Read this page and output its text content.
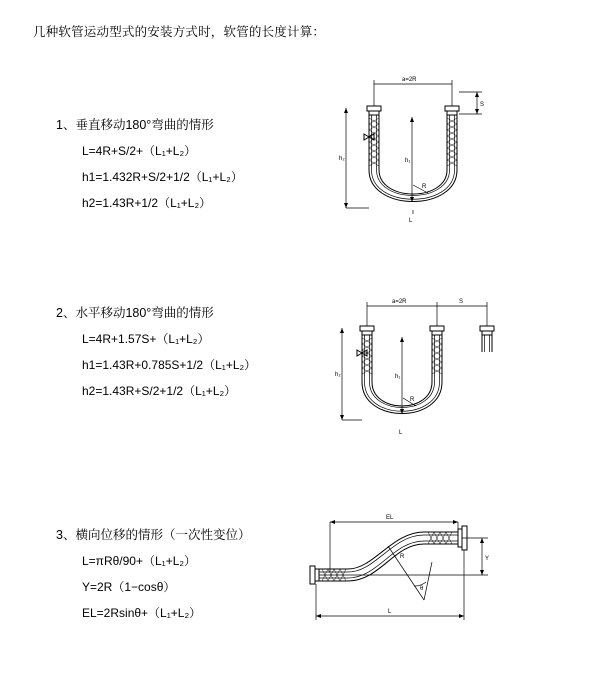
几种软管运动型式的安装方式时，软管的长度计算：
1、垂直移动180°弯曲的情形
L=4R+S/2+（L₁+L₂）
h1=1.432R+S/2+1/2（L₁+L₂）
h2=1.43R+1/2（L₁+L₂）
a=2R
S
h₂	h₁
R
L
2、水平移动180°弯曲的情形
L=4R+1.57S+（L₁+L₂）
h1=1.43R+0.785S+1/2（L₁+L₂）
h2=1.43R+S/2+1/2（L₁+L₂）
a=2R	S
h₂	h₁
R
L
3、横向位移的情形（一次性变位）
L=πRθ/90+（L₁+L₂）
Y=2R（1−cosθ）
EL=2Rsinθ+（L₁+L₂）
EL
Y
R
θ
L
